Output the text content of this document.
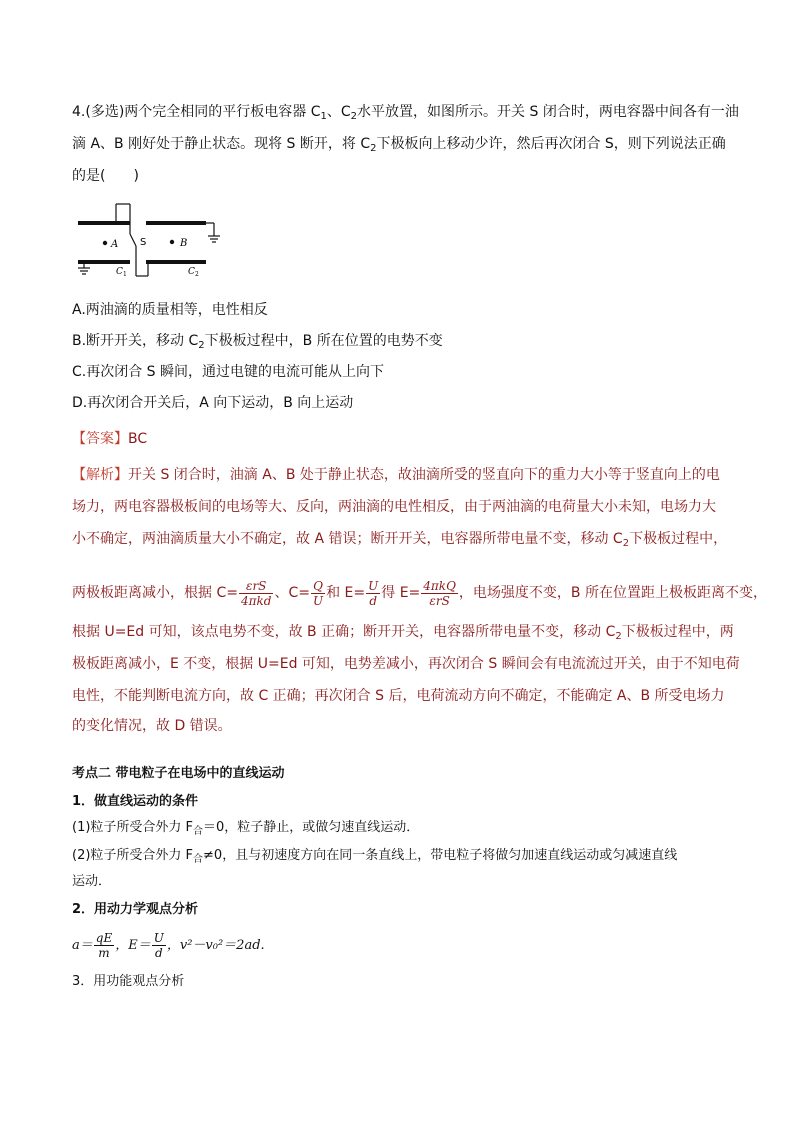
4.(多选)两个完全相同的平行板电容器 $C_1$、$C_2$水平放置，如图所示。开关 S 闭合时，两电容器中间各有一油
滴 A、B 刚好处于静止状态。现将 S 断开，将 $C_2$下极板向上移动少许，然后再次闭合 S，则下列说法正确
的是(　　)
A S	B
C 1	C 2
A.两油滴的质量相等，电性相反
B.断开开关，移动 $C_2$下极板过程中，B 所在位置的电势不变
C.再次闭合 S 瞬间，通过电键的电流可能从上向下
D.再次闭合开关后，A 向下运动，B 向上运动
【答案】BC
【解析】开关 S 闭合时，油滴 A、B 处于静止状态，故油滴所受的竖直向下的重力大小等于竖直向上的电
场力，两电容器极板间的电场等大、反向，两油滴的电性相反，由于两油滴的电荷量大小未知，电场力大
小不确定，两油滴质量大小不确定，故 A 错误；断开开关，电容器所带电量不变，移动 $C_2$下极板过程中，
两极板距离减小，根据 $C= \frac{\text{εrS}}{\text{4πkd}}$ 、$C= \frac{Q}{U}$ 和 $E= \frac{U}{d}$ 得 $E= \frac{\text{4πkQ}}{\text{εrS}}$ ，电场强度不变，B 所在位置距上极板距离不变，
根据 U=Ed 可知，该点电势不变，故 B 正确；断开开关，电容器所带电量不变，移动 $C_2$下极板过程中，两
极板距离减小，E 不变，根据 U=Ed 可知，电势差减小，再次闭合 S 瞬间会有电流流过开关，由于不知电荷
电性，不能判断电流方向，故 C 正确；再次闭合 S 后，电荷流动方向不确定，不能确定 A、B 所受电场力
的变化情况，故 D 错误。
考点二 带电粒子在电场中的直线运动
1．做直线运动的条件
(1)粒子所受合外力 $F_合=0$，粒子静止，或做匀速直线运动．
(2)粒子所受合外力 $F_合\ne 0$，且与初速度方向在同一条直线上，带电粒子将做匀加速直线运动或匀减速直线
运动．
2．用动力学观点分析
$a= \frac{qE}{m}$ ，$E= \frac{U}{d}$ ，v²－v₀²＝2ad.
3．用功能观点分析
